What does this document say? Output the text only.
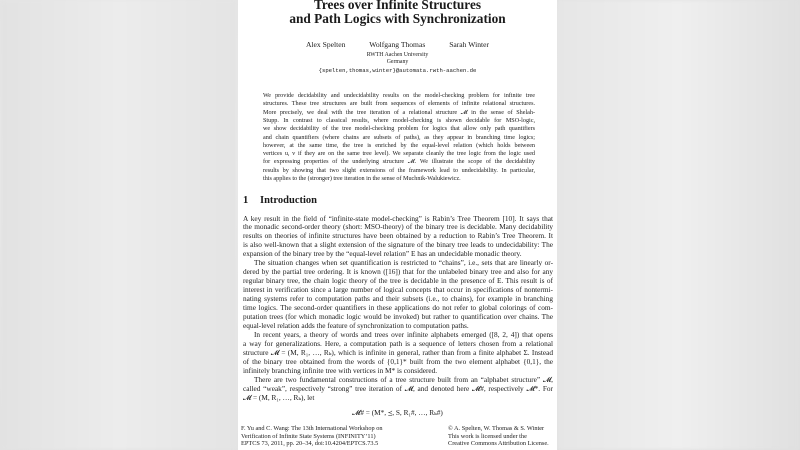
Trees over Infinite Structures
and Path Logics with Synchronization
Alex Spelten	Wolfgang Thomas	Sarah Winter
RWTH Aachen University
Germany
{spelten,thomas,winter}@automata.rwth-aachen.de
We provide decidability and undecidability results on the model-checking problem for infinite tree
structures. These tree structures are built from sequences of elements of infinite relational structures.
More precisely, we deal with the tree iteration of a relational structure 𝓜 in the sense of Shelah-
Stupp. In contrast to classical results, where model-checking is shown decidable for MSO-logic,
we show decidability of the tree model-checking problem for logics that allow only path quantifiers
and chain quantifiers (where chains are subsets of paths), as they appear in branching time logics;
however, at the same time, the tree is enriched by the equal-level relation (which holds between
vertices u, v if they are on the same tree level). We separate cleanly the tree logic from the logic used
for expressing properties of the underlying structure 𝓜. We illustrate the scope of the decidability
results by showing that two slight extensions of the framework lead to undecidability. In particular,
this applies to the (stronger) tree iteration in the sense of Muchnik-Walukiewicz.
1 Introduction
A key result in the field of “infinite-state model-checking” is Rabin’s Tree Theorem [10]. It says that
the monadic second-order theory (short: MSO-theory) of the binary tree is decidable. Many decidability
results on theories of infinite structures have been obtained by a reduction to Rabin’s Tree Theorem. It
is also well-known that a slight extension of the signature of the binary tree leads to undecidability: The
expansion of the binary tree by the “equal-level relation” E has an undecidable monadic theory.
The situation changes when set quantification is restricted to “chains”, i.e., sets that are linearly or-
dered by the partial tree ordering. It is known ([16]) that for the unlabeled binary tree and also for any
regular binary tree, the chain logic theory of the tree is decidable in the presence of E. This result is of
interest in verification since a large number of logical concepts that occur in specifications of nontermi-
nating systems refer to computation paths and their subsets (i.e., to chains), for example in branching
time logics. The second-order quantifiers in these applications do not refer to global colorings of com-
putation trees (for which monadic logic would be invoked) but rather to quantification over chains. The
equal-level relation adds the feature of synchronization to computation paths.
In recent years, a theory of words and trees over infinite alphabets emerged ([8, 2, 4]) that opens
a way for generalizations. Here, a computation path is a sequence of letters chosen from a relational
structure 𝓜 = (M, R₁, …, Rₖ), which is infinite in general, rather than from a finite alphabet Σ. Instead
of the binary tree obtained from the words of {0,1}* built from the two element alphabet {0,1}, the
infinitely branching infinite tree with vertices in M* is considered.
There are two fundamental constructions of a tree structure built from an “alphabet structure” 𝓜,
called “weak”, respectively “strong” tree iteration of 𝓜, and denoted here 𝓜#, respectively 𝓜*. For
𝓜 = (M, R₁, …, Rₖ), let
𝓜# = (M*, ⪯, S, R₁#, …, Rₖ#)
F. Yu and C. Wang: The 13th International Workshop on
Verification of Infinite State Systems (INFINITY’11)
EPTCS 73, 2011, pp. 20–34, doi:10.4204/EPTCS.73.5
© A. Spelten, W. Thomas & S. Winter
This work is licensed under the
Creative Commons Attribution License.
